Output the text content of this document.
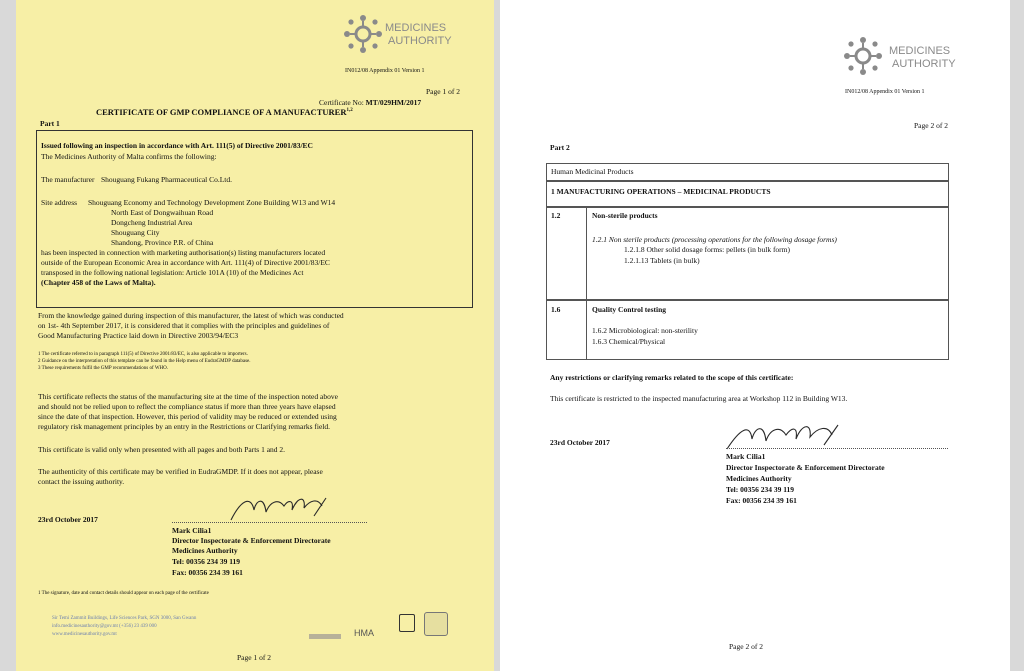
MEDICINES
AUTHORITY
IN012/08 Appendix 01 Version 1
Page 1 of 2
Certificate No: MT/029HM/2017
CERTIFICATE OF GMP COMPLIANCE OF A MANUFACTURER$^{1,2}$
Part 1
Issued following an inspection in accordance with Art. 111(5) of Directive 2001/83/EC
The Medicines Authority of Malta confirms the following:
The manufacturer Shouguang Fukang Pharmaceutical Co.Ltd.
Site address Shouguang Economy and Technology Development Zone Building W13 and W14
North East of Dongwaihuan Road
Dongcheng Industrial Area
Shouguang City
Shandong, Province P.R. of China
has been inspected in connection with marketing authorisation(s) listing manufacturers located
outside of the European Economic Area in accordance with Art. 111(4) of Directive 2001/83/EC
transposed in the following national legislation: Article 101A (10) of the Medicines Act
(Chapter 458 of the Laws of Malta).
From the knowledge gained during inspection of this manufacturer, the latest of which was conducted
on 1st- 4th September 2017, it is considered that it complies with the principles and guidelines of
Good Manufacturing Practice laid down in Directive 2003/94/EC3
1 The certificate referred to in paragraph 111(5) of Directive 2001/83/EC, is also applicable to importers.
2 Guidance on the interpretation of this template can be found in the Help menu of EudraGMDP database.
3 These requirements fulfil the GMP recommendations of WHO.
This certificate reflects the status of the manufacturing site at the time of the inspection noted above
and should not be relied upon to reflect the compliance status if more than three years have elapsed
since the date of that inspection. However, this period of validity may be reduced or extended using
regulatory risk management principles by an entry in the Restrictions or Clarifying remarks field.
This certificate is valid only when presented with all pages and both Parts 1 and 2.
The authenticity of this certificate may be verified in EudraGMDP. If it does not appear, please
contact the issuing authority.
23rd October 2017
Mark Cilia1
Director Inspectorate & Enforcement Directorate
Medicines Authority
Tel: 00356 234 39 119
Fax: 00356 234 39 161
1 The signature, date and contact details should appear on each page of the certificate
Sir Temi Zammit Buildings, Life Sciences Park, SGN 3000, San Gwann
info.medicinesauthority@gov.mt (+356) 23 439 000
www.medicinesauthority.gov.mt	HMA
Page 1 of 2
MEDICINES
AUTHORITY
IN012/08 Appendix 01 Version 1
Page 2 of 2
Part 2
Human Medicinal Products
1 MANUFACTURING OPERATIONS – MEDICINAL PRODUCTS
1.2	Non-sterile products
1.2.1 Non sterile products (processing operations for the following dosage forms)
1.2.1.8 Other solid dosage forms: pellets (in bulk form)
1.2.1.13 Tablets (in bulk)
1.6	Quality Control testing
1.6.2 Microbiological: non-sterility
1.6.3 Chemical/Physical
Any restrictions or clarifying remarks related to the scope of this certificate:
This certificate is restricted to the inspected manufacturing area at Workshop 112 in Building W13.
23rd October 2017
Mark Cilia1
Director Inspectorate & Enforcement Directorate
Medicines Authority
Tel: 00356 234 39 119
Fax: 00356 234 39 161
Page 2 of 2
